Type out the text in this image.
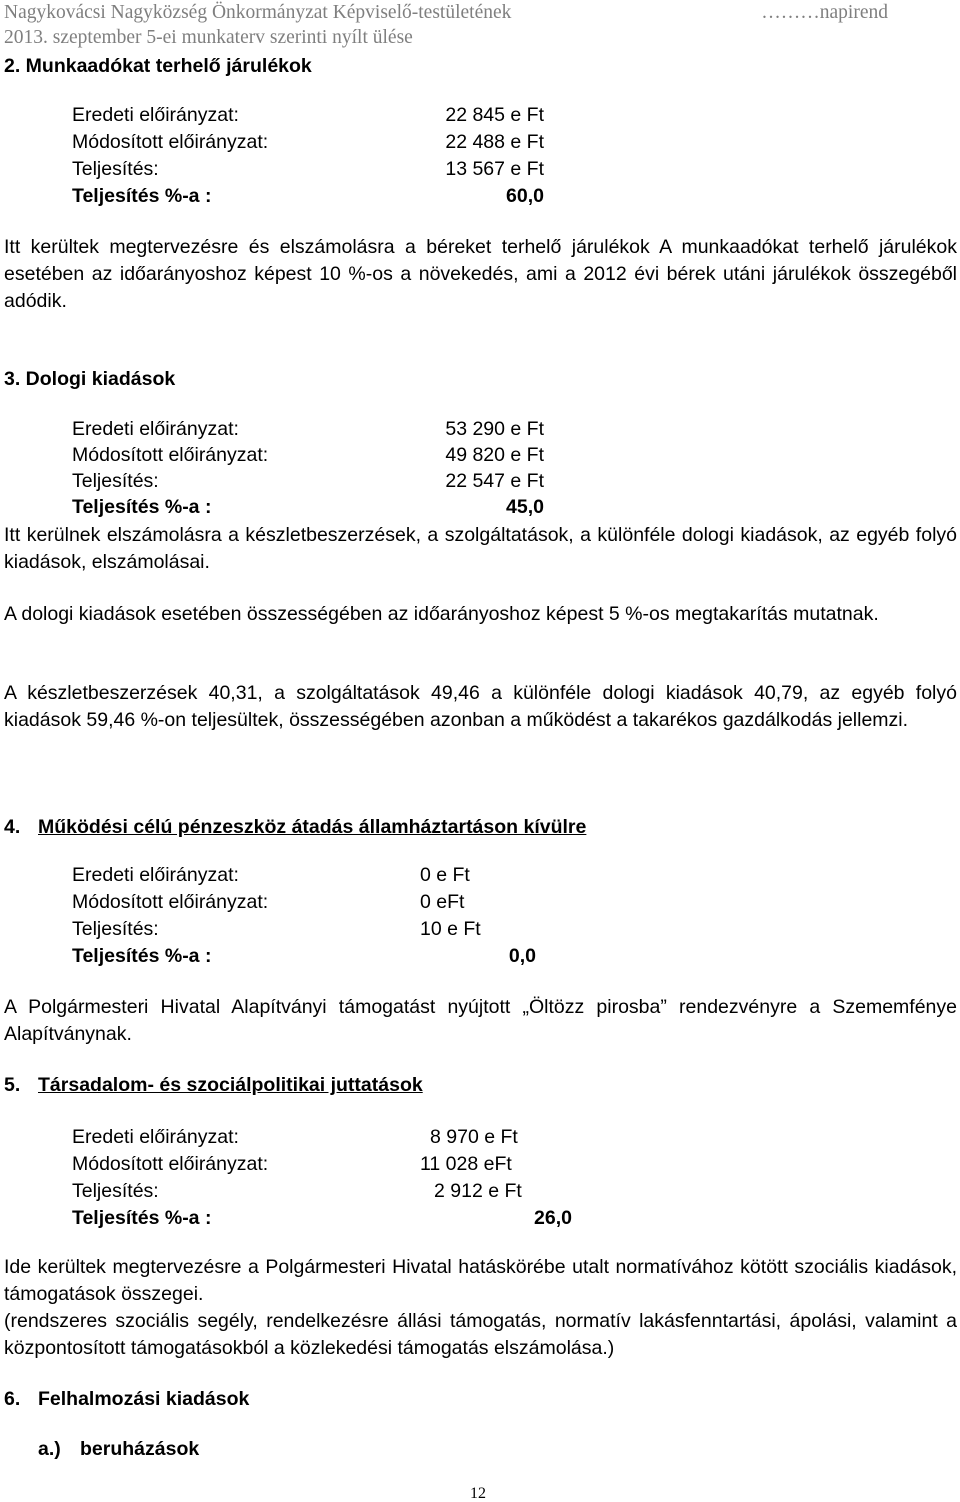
Nagykovácsi Nagyközség Önkormányzat Képviselő-testületének	………napirend
2013. szeptember 5-ei munkaterv szerinti nyílt ülése
2. Munkaadókat terhelő járulékok
Eredeti előirányzat:	22 845 e Ft
Módosított előirányzat:	22 488 e Ft
Teljesítés:	13 567 e Ft
Teljesítés %-a :	60,0

Itt kerültek megtervezésre és elszámolásra a béreket terhelő járulékok A munkaadókat terhelő járulékok esetében az időarányoshoz képest 10 %-os a növekedés, ami a 2012 évi bérek utáni járulékok összegéből adódik.

3. Dologi kiadások
Eredeti előirányzat:	53 290 e Ft
Módosított előirányzat:	49 820 e Ft
Teljesítés:	22 547 e Ft
Teljesítés %-a :	45,0

Itt kerülnek elszámolásra a készletbeszerzések, a szolgáltatások, a különféle dologi kiadások, az egyéb folyó kiadások, elszámolásai.

A dologi kiadások esetében összességében az időarányoshoz képest 5 %-os megtakarítás mutatnak.

A készletbeszerzések 40,31, a szolgáltatások 49,46 a különféle dologi kiadások 40,79, az egyéb folyó kiadások 59,46 %-on teljesültek, összességében azonban a működést a takarékos gazdálkodás jellemzi.

4. Működési célú pénzeszköz átadás államháztartáson kívülre
Eredeti előirányzat:	0 e Ft
Módosított előirányzat:	0 eFt
Teljesítés:	10 e Ft
Teljesítés %-a :	0,0

A Polgármesteri Hivatal Alapítványi támogatást nyújtott „Öltözz pirosba” rendezvényre a Szememfénye Alapítványnak.

5. Társadalom- és szociálpolitikai juttatások
Eredeti előirányzat:	8 970 e Ft
Módosított előirányzat:	11 028 eFt
Teljesítés:	2 912 e Ft
Teljesítés %-a :	26,0

Ide kerültek megtervezésre a Polgármesteri Hivatal hatáskörébe utalt normatívához kötött szociális kiadások, támogatások összegei.

(rendszeres szociális segély, rendelkezésre állási támogatás, normatív lakásfenntartási, ápolási, valamint a központosított támogatásokból a közlekedési támogatás elszámolása.)

6. Felhalmozási kiadások
a.) beruházások
12
